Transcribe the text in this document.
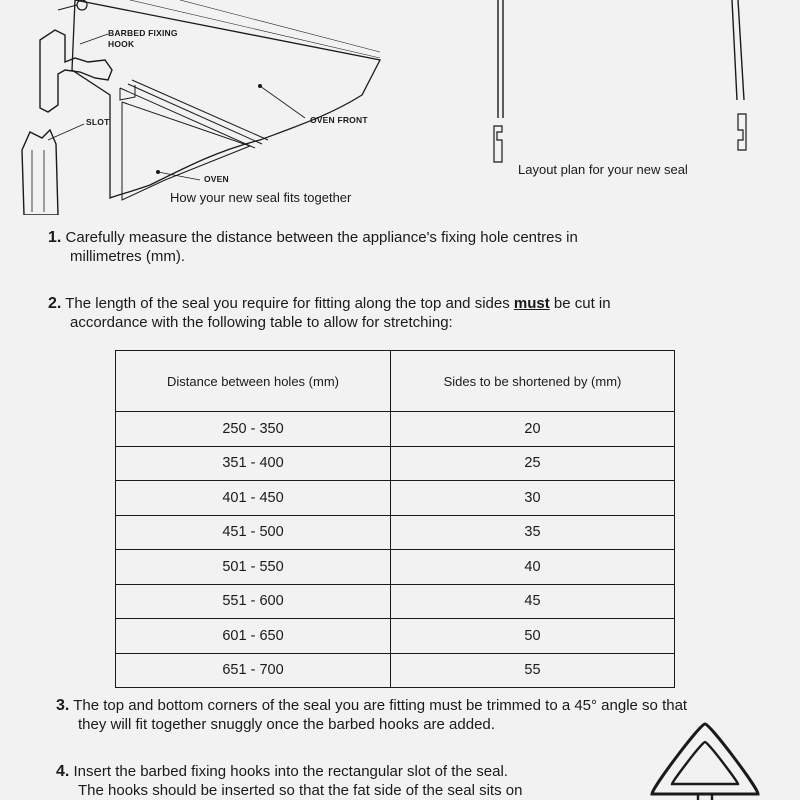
BARBED FIXING
HOOK
SLOT	OVEN FRONT
OVEN
How your new seal fits together
Layout plan for your new seal
1. Carefully measure the distance between the appliance's fixing hole centres in
millimetres (mm).
2. The length of the seal you require for fitting along the top and sides must be cut in
accordance with the following table to allow for stretching:
Distance between holes (mm)	Sides to be shortened by (mm)
250 - 350	20
351 - 400	25
401 - 450	30
451 - 500	35
501 - 550	40
551 - 600	45
601 - 650	50
651 - 700	55
3. The top and bottom corners of the seal you are fitting must be trimmed to a 45° angle so that
they will fit together snuggly once the barbed hooks are added.
4. Insert the barbed fixing hooks into the rectangular slot of the seal.
The hooks should be inserted so that the fat side of the seal sits on
